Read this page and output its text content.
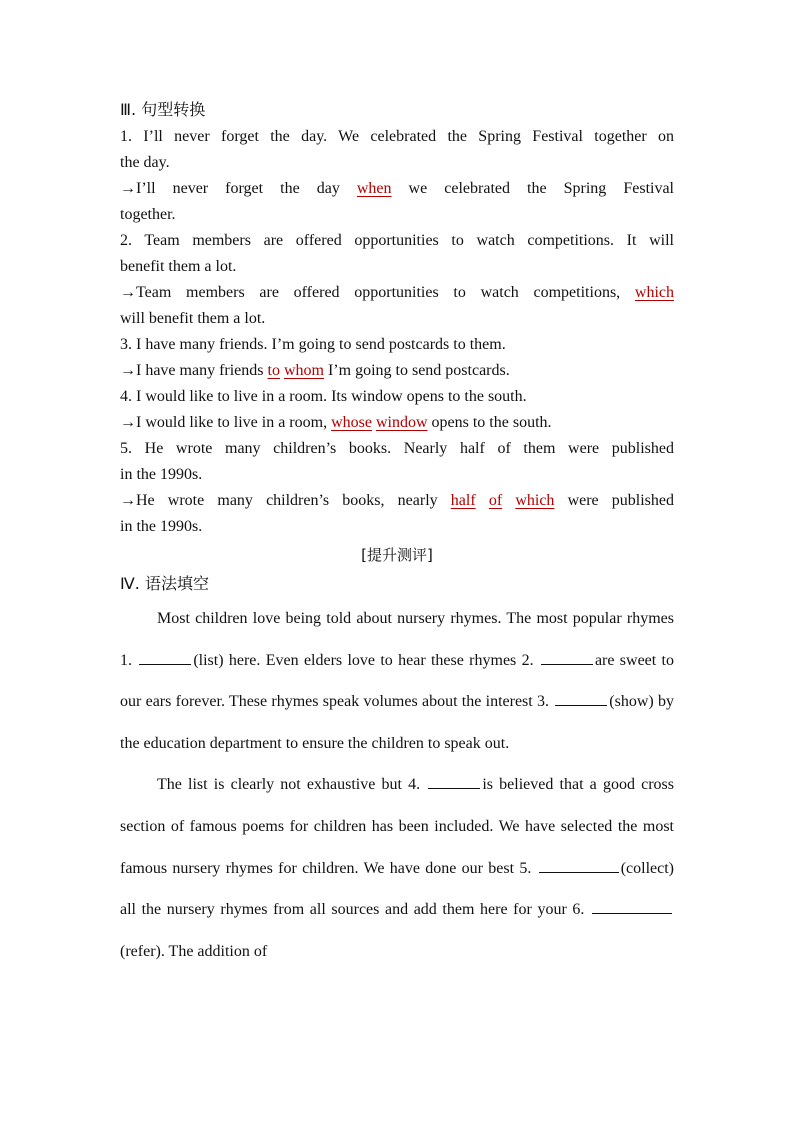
Ⅲ. 句型转换
1. I’ll never forget the day. We celebrated the Spring Festival together on
the day.
→I’ll never forget the day when we celebrated the Spring Festival
together.
2. Team members are offered opportunities to watch competitions. It will
benefit them a lot.
→Team members are offered opportunities to watch competitions, which
will benefit them a lot.
3. I have many friends. I’m going to send postcards to them.
→I have many friends to whom I’m going to send postcards.
4. I would like to live in a room. Its window opens to the south.
→I would like to live in a room, whose window opens to the south.
5. He wrote many children’s books. Nearly half of them were published
in the 1990s.
→He wrote many children’s books, nearly half of which were published
in the 1990s.
[提升测评]
Ⅳ. 语法填空
Most children love being told about nursery rhymes. The most popular rhymes 1.	(list) here. Even elders love to hear these rhymes 2.	are sweet to our ears forever. These rhymes speak volumes about the interest 3.	(show) by the education department to ensure the children to speak out.
The list is clearly not exhaustive but 4.	is believed that a good cross section of famous poems for children has been included. We have selected the most famous nursery rhymes for children. We have done our best 5.	(collect) all the nursery rhymes from all sources and add them here for your 6. (refer). The addition of
